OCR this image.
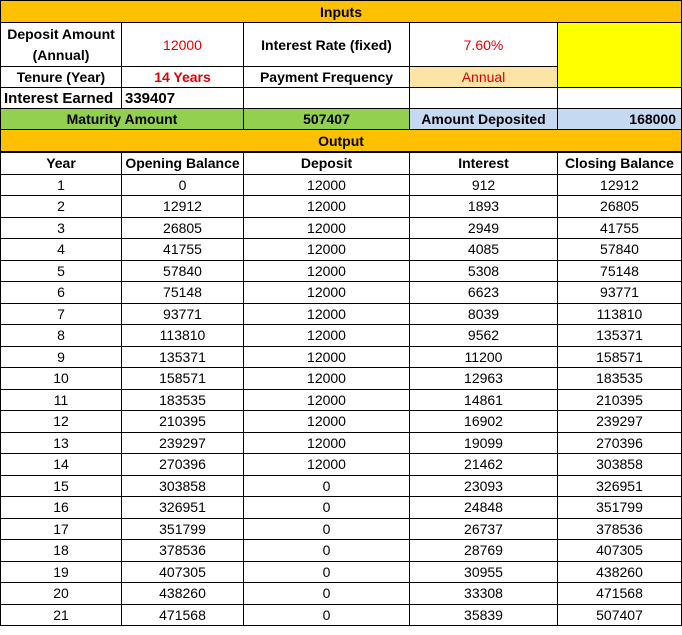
Inputs
Deposit Amount (Annual)
12000	Interest Rate (fixed)	7.60%
Tenure (Year)	14 Years	Payment Frequency	Annual
Interest Earned 339407
Maturity Amount	507407	Amount Deposited	168000
Output
Year	Opening Balance	Deposit	Interest	Closing Balance
1	0	12000	912	12912
2	12912	12000	1893	26805
3	26805	12000	2949	41755
4	41755	12000	4085	57840
5	57840	12000	5308	75148
6	75148	12000	6623	93771
7	93771	12000	8039	113810
8	113810	12000	9562	135371
9	135371	12000	11200	158571
10	158571	12000	12963	183535
11	183535	12000	14861	210395
12	210395	12000	16902	239297
13	239297	12000	19099	270396
14	270396	12000	21462	303858
15	303858	0	23093	326951
16	326951	0	24848	351799
17	351799	0	26737	378536
18	378536	0	28769	407305
19	407305	0	30955	438260
20	438260	0	33308	471568
21	471568	0	35839	507407
